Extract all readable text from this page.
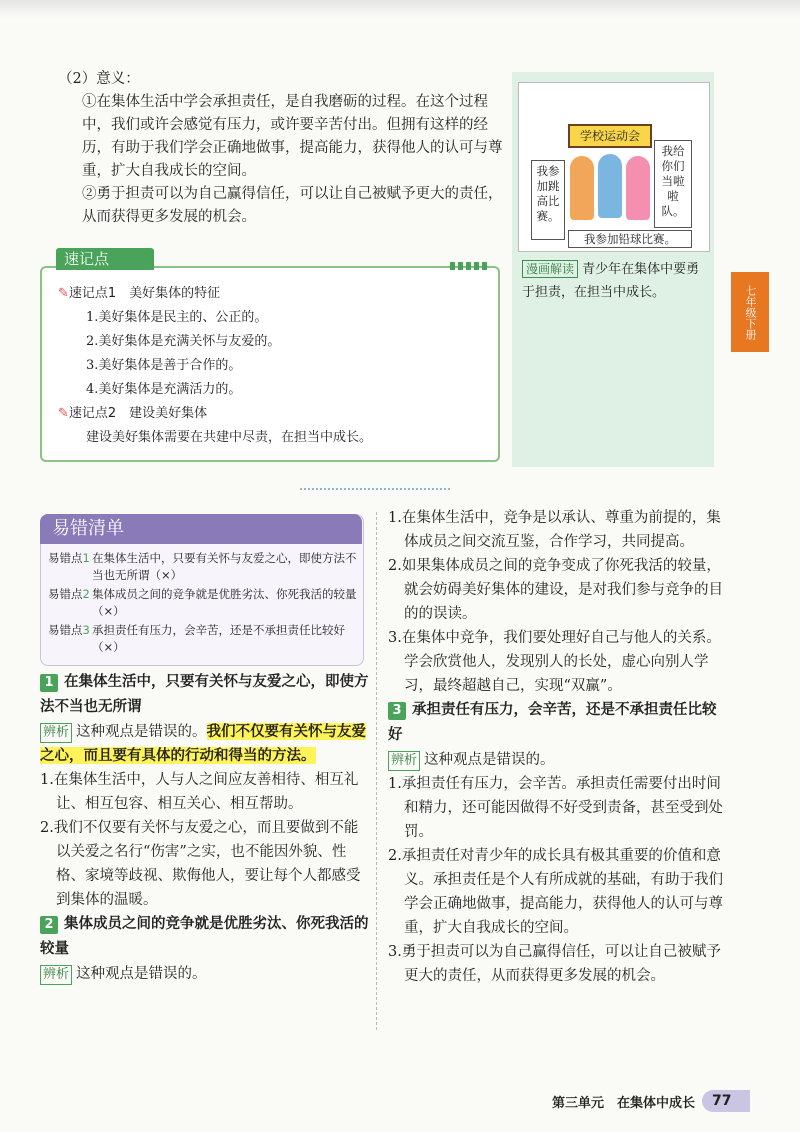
（2）意义：

①在集体生活中学会承担责任，是自我磨砺的过程。在这个过程中，我们或许会感觉有压力，或许要辛苦付出。但拥有这样的经历，有助于我们学会正确地做事，提高能力，获得他人的认可与尊重，扩大自我成长的空间。

②勇于担责可以为自己赢得信任，可以让自己被赋予更大的责任，从而获得更多发展的机会。

学校运动会
我参加跳高比赛。
我给你们当啦啦队。
我参加铅球比赛。
漫画解读 青少年在集体中要勇于担责，在担当中成长。	七年级下册
速记点
✎速记点1　美好集体的特征
1.美好集体是民主的、公正的。
2.美好集体是充满关怀与友爱的。
3.美好集体是善于合作的。
4.美好集体是充满活力的。
✎速记点2　建设美好集体
建设美好集体需要在共建中尽责，在担当中成长。
易错清单
易错点1 在集体生活中，只要有关怀与友爱之心，即使方法不当也无所谓（×）
易错点2 集体成员之间的竞争就是优胜劣汰、你死我活的较量（×）
易错点3 承担责任有压力，会辛苦，还是不承担责任比较好（×）

1 在集体生活中，只要有关怀与友爱之心，即使方法不当也无所谓

辨析 这种观点是错误的。我们不仅要有关怀与友爱之心，而且要有具体的行动和得当的方法。

1.在集体生活中，人与人之间应友善相待、相互礼让、相互包容、相互关心、相互帮助。

2.我们不仅要有关怀与友爱之心，而且要做到不能以关爱之名行“伤害”之实，也不能因外貌、性格、家境等歧视、欺侮他人，要让每个人都感受到集体的温暖。

2 集体成员之间的竞争就是优胜劣汰、你死我活的较量

辨析 这种观点是错误的。

1.在集体生活中，竞争是以承认、尊重为前提的，集体成员之间交流互鉴，合作学习，共同提高。

2.如果集体成员之间的竞争变成了你死我活的较量，就会妨碍美好集体的建设，是对我们参与竞争的目的的误读。

3.在集体中竞争，我们要处理好自己与他人的关系。学会欣赏他人，发现别人的长处，虚心向别人学习，最终超越自己，实现“双赢”。

3 承担责任有压力，会辛苦，还是不承担责任比较好

辨析 这种观点是错误的。

1.承担责任有压力，会辛苦。承担责任需要付出时间和精力，还可能因做得不好受到责备，甚至受到处罚。

2.承担责任对青少年的成长具有极其重要的价值和意义。承担责任是个人有所成就的基础，有助于我们学会正确地做事，提高能力，获得他人的认可与尊重，扩大自我成长的空间。

3.勇于担责可以为自己赢得信任，可以让自己被赋予更大的责任，从而获得更多发展的机会。

第三单元　在集体中成长	77
